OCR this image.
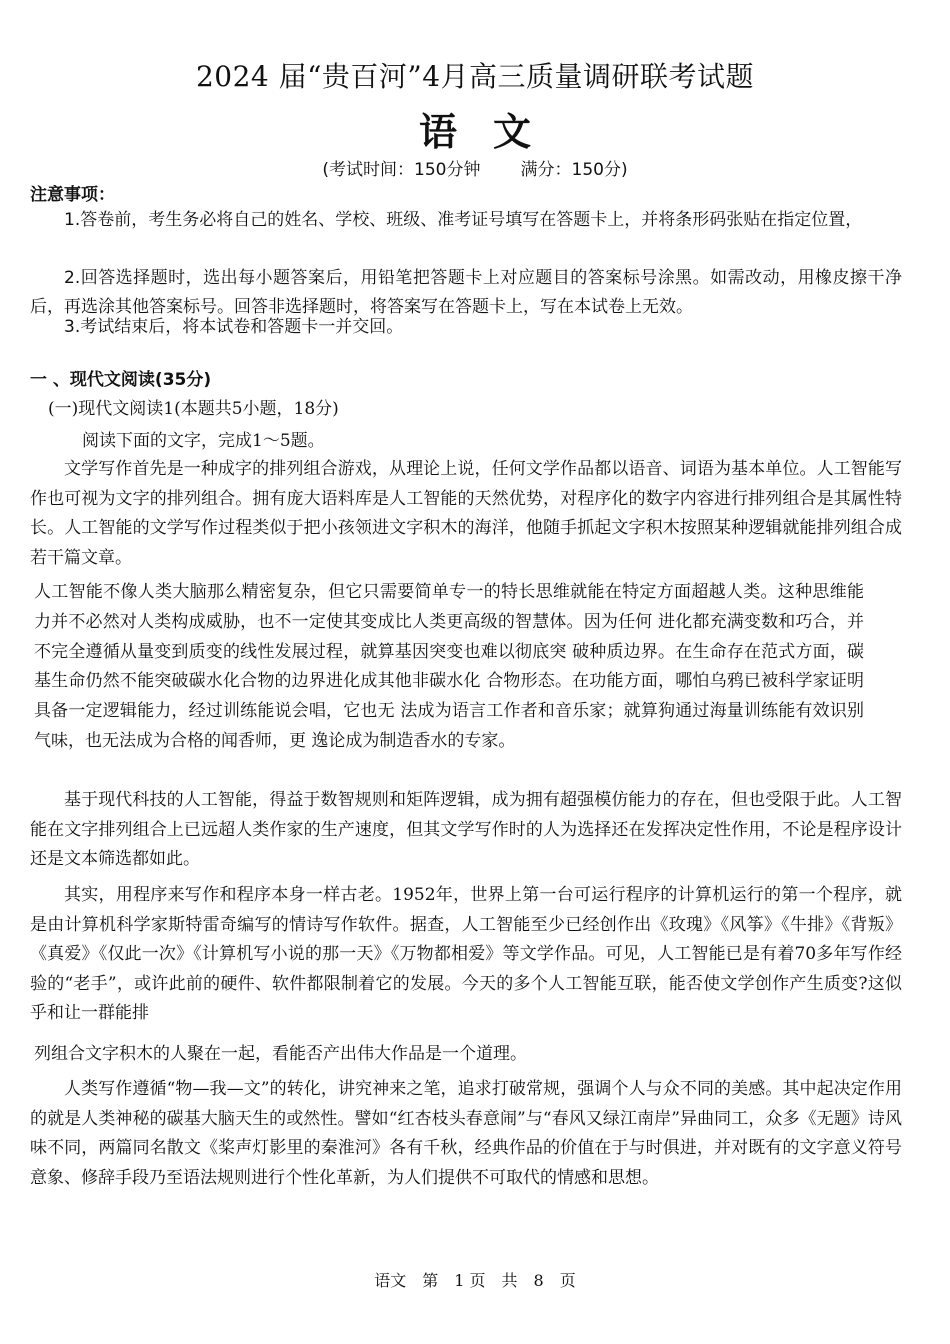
2024 届“贵百河”4月高三质量调研联考试题
语 文
(考试时间：150分钟 满分：150分)
注意事项：
1.答卷前，考生务必将自己的姓名、学校、班级、准考证号填写在答题卡上，并将条形码张贴在指定位置，
2.回答选择题时，选出每小题答案后，用铅笔把答题卡上对应题目的答案标号涂黑。如需改动，用橡皮擦干净后，再选涂其他答案标号。回答非选择题时，将答案写在答题卡上，写在本试卷上无效。
3.考试结束后，将本试卷和答题卡一并交回。
一 、现代文阅读(35分)
(一)现代文阅读1(本题共5小题，18分)
阅读下面的文字，完成1～5题。
文学写作首先是一种成字的排列组合游戏，从理论上说，任何文学作品都以语音、词语为基本单位。人工智能写作也可视为文字的排列组合。拥有庞大语料库是人工智能的天然优势，对程序化的数字内容进行排列组合是其属性特长。人工智能的文学写作过程类似于把小孩领进文字积木的海洋，他随手抓起文字积木按照某种逻辑就能排列组合成若干篇文章。
人工智能不像人类大脑那么精密复杂，但它只需要简单专一的特长思维就能在特定方面超越人类。这种思维能力并不必然对人类构成威胁，也不一定使其变成比人类更高级的智慧体。因为任何 进化都充满变数和巧合，并不完全遵循从量变到质变的线性发展过程，就算基因突变也难以彻底突 破种质边界。在生命存在范式方面，碳基生命仍然不能突破碳水化合物的边界进化成其他非碳水化 合物形态。在功能方面，哪怕乌鸦已被科学家证明具备一定逻辑能力，经过训练能说会唱，它也无 法成为语言工作者和音乐家；就算狗通过海量训练能有效识别气味，也无法成为合格的闻香师，更 逸论成为制造香水的专家。
基于现代科技的人工智能，得益于数智规则和矩阵逻辑，成为拥有超强模仿能力的存在，但也受限于此。人工智能在文字排列组合上已远超人类作家的生产速度，但其文学写作时的人为选择还在发挥决定性作用，不论是程序设计还是文本筛选都如此。
其实，用程序来写作和程序本身一样古老。1952年，世界上第一台可运行程序的计算机运行的第一个程序，就是由计算机科学家斯特雷奇编写的情诗写作软件。据查，人工智能至少已经创作出《玫瑰》《风筝》《牛排》《背叛》《真爱》《仅此一次》《计算机写小说的那一天》《万物都相爱》等文学作品。可见，人工智能已是有着70多年写作经验的“老手”，或许此前的硬件、软件都限制着它的发展。今天的多个人工智能互联，能否使文学创作产生质变?这似乎和让一群能排
列组合文字积木的人聚在一起，看能否产出伟大作品是一个道理。
人类写作遵循“物—我—文”的转化，讲究神来之笔，追求打破常规，强调个人与众不同的美感。其中起决定作用的就是人类神秘的碳基大脑天生的或然性。譬如“红杏枝头春意闹”与“春风又绿江南岸”异曲同工，众多《无题》诗风味不同，两篇同名散文《桨声灯影里的秦淮河》各有千秋，经典作品的价值在于与时俱进，并对既有的文字意义符号意象、修辞手段乃至语法规则进行个性化革新，为人们提供不可取代的情感和思想。
语文　第　1 页　共　8　页
